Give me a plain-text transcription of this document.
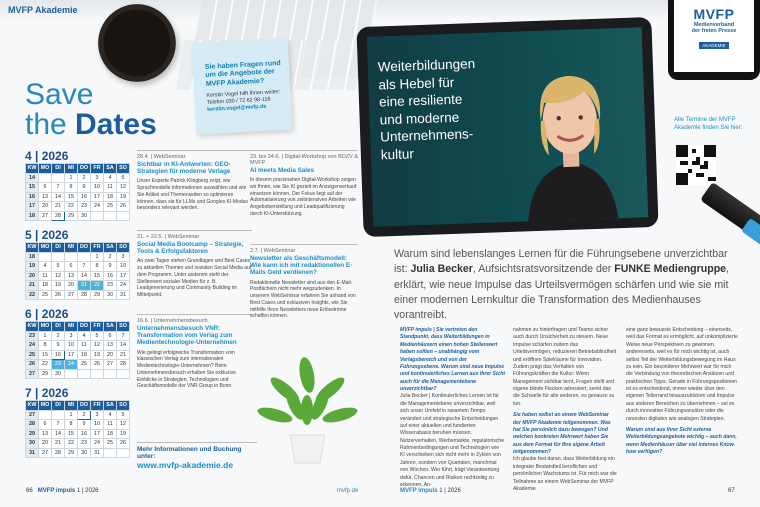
MVFP Akademie
Sie haben Fragen rund um die Angebote der MVFP Akademie?
Kerstin Vogel hilft Ihnen weiter: Telefon 030 / 72 62 98-116
kerstin.vogel@mvfp.de
Save
the Dates
4 | 2026
KW	MO	DI	MI	DO	FR	SA	SO
14			1	2	3	4	5
15	6	7	8	9	10	11	12
16	13	14	15	16	17	18	19
17	20	21	22	23	24	25	26
18	27	28	29	30			
5 | 2026
KW	MO	DI	MI	DO	FR	SA	SO
18					1	2	3
19	4	5	6	7	8	9	10
20	11	12	13	14	15	16	17
21	18	19	20	21	22	23	24
22	25	26	27	28	29	30	31
6 | 2026
KW	MO	DI	MI	DO	FR	SA	SO
23	1	2	3	4	5	6	7
24	8	9	10	11	12	13	14
25	15	16	17	18	19	20	21
26	22	23	24	25	26	27	28
27	29	30					
7 | 2026
KW	MO	DI	MI	DO	FR	SA	SO
27			1	2	3	4	5
28	6	7	8	9	10	11	12
29	13	14	15	16	17	18	19
30	20	21	22	23	24	25	26
31	27	28	29	30	31		
28.4. | WebSeminar
Sichtbar in KI-Antworten: GEO-Strategien für moderne Verlage
Unser Experte Patrick Klingberg zeigt, wie Sprachmodelle Informationen auswählen und wie Sie Artikel und Themenseiten so optimieren können, dass sie für LLMs und Googles KI-Modus besonders relevant werden.
21. + 22.5. | WebSeminar
Social Media Bootcamp – Strategie, Tools & Erfolgsfaktoren
An zwei Tagen stehen Grundlagen und Best Cases zu aktuellen Themen und sozialen Social Media auf dem Programm. Unter anderem steht der Stellenwert sozialer Medien für z. B. Leadgenerierung und Community Building im Mittelpunkt.
16.6. | Unternehmensbesuch
Unternehmensbesuch VNR: Transformation vom Verlag zum Medientechnologie-Unternehmen
Wie gelingt erfolgreiche Transformation vom klassischen Verlag zum internationalen Medientechnologie-Unternehmen? Beim Unternehmensbesuch erhalten Sie exklusive Einblicke in Strategien, Technologien und Geschäftsmodelle der VNR Group in Bonn.
23. bis 24.6. | Digital-Workshop von BDZV & MVFP
AI meets Media Sales
In diesem praxisnahen Digital-Workshop zeigen wir Ihnen, wie Sie KI gezielt im Anzeigenverkauf einsetzen können. Der Fokus liegt auf der Automatisierung von zeitintensiven Arbeiten wie Angebotserstellung und Leadqualifizierung durch KI-Unterstützung.
2.7. | WebSeminar
Newsletter als Geschäftsmodell: Wie kann ich mit redaktionellen E-Mails Geld verdienen?
Redaktionelle Newsletter sind aus den E-Mail-Postfächern nicht mehr wegzudenken. In unserem WebSeminar erfahren Sie anhand von Best Cases und exklusiven Insights, wie Sie mithilfe Ihres Newsletters neue Erlösströme schaffen können.
Mehr Informationen und Buchung unter:
www.mvfp-akademie.de
66 MVFP impuls 1 | 2026	mvfp.de
Weiterbildungen
als Hebel für
eine resiliente
und moderne
Unternehmens-
kultur
MVFP
Medienverband
der freien Presse
AKADEMIE
Alle Termine der MVFP Akademie finden Sie hier:
Warum sind lebenslanges Lernen für die Führungsebene unverzichtbar ist: Julia Becker, Aufsichtsratsvorsitzende der FUNKE Mediengruppe, erklärt, wie neue Impulse das Urteilsvermögen schärfen und wie sie mit einer modernen Lernkultur die Transformation des Medienhauses vorantreibt.
MVFP impuls | Sie vertreten den Standpunkt, dass Weiterbildungen in Medienhäusern einen hohen Stellenwert haben sollten – unabhängig vom Verlagsbereich und von der Führungsebene. Warum sind neue Impulse und kontinuierliches Lernen aus Ihrer Sicht auch für die Managementebene unverzichtbar?
Julia Becker | Kontinuierliches Lernen ist für die Managementebene unverzichtbar, weil sich unser Umfeld in rasantem Tempo verändert und strategische Entscheidungen auf einer aktuellen und fundierten Wissensbasis beruhen müssen. Nutzerverhalten, Werbemärkte, regulatorische Rahmenbedingungen und Technologien wie KI verschieben sich nicht mehr in Zyklen von Jahren, sondern von Quartalen, manchmal von Wochen. Wer führt, trägt Verantwortung dafür, Chancen und Risiken rechtzeitig zu erkennen, An-
nahmen zu hinterfragen und Teams sicher auch durch Unsicherheit zu steuern. Neue Impulse schärfen zudem das Urteilsvermögen, reduzieren Betriebsblindheit und eröffnen Spielräume für Innovation. Zudem prägt das Verhalten von Führungskräften die Kultur: Wenn Management sichtbar lernt, Fragen stellt und eigene blinde Flecken adressiert, senkt das die Schwelle für alle anderen, es genauso zu tun.
Sie haben selbst an einem WebSeminar der MVFP Akademie teilgenommen. Was hat Sie persönlich dazu bewogen? Und welchen konkreten Mehrwert haben Sie aus dem Format für Ihre eigene Arbeit mitgenommen?
Ich glaube fest daran, dass Weiterbildung ein integraler Bestandteil beruflichen und persönlichen Wachstums ist. Für mich war die Teilnahme an einem WebSeminar der MVFP Akademie
eine ganz bewusste Entscheidung – einerseits, weil das Format es ermöglicht, auf unkomplizierte Weise neue Perspektiven zu gewinnen, andererseits, weil es für mich wichtig ist, auch selbst Teil der Weiterbildungsbewegung im Haus zu sein. Ein besonderer Mehrwert war für mich die Verbindung von theoretischen Ansätzen und praktischen Tipps. Gerade in Führungspositionen ist es entscheidend, immer wieder über den eigenen Tellerrand hinauszublicken und Impulse aus anderen Bereichen zu übernehmen – sei es durch innovative Führungsansätze oder die neuesten digitalen wie analogen Strategien.
Warum sind aus Ihrer Sicht externe Weiterbildungsangebote wichtig – auch dann, wenn Medienhäuser über viel internes Know-how verfügen?
MVFP impuls 1 | 2026	67
